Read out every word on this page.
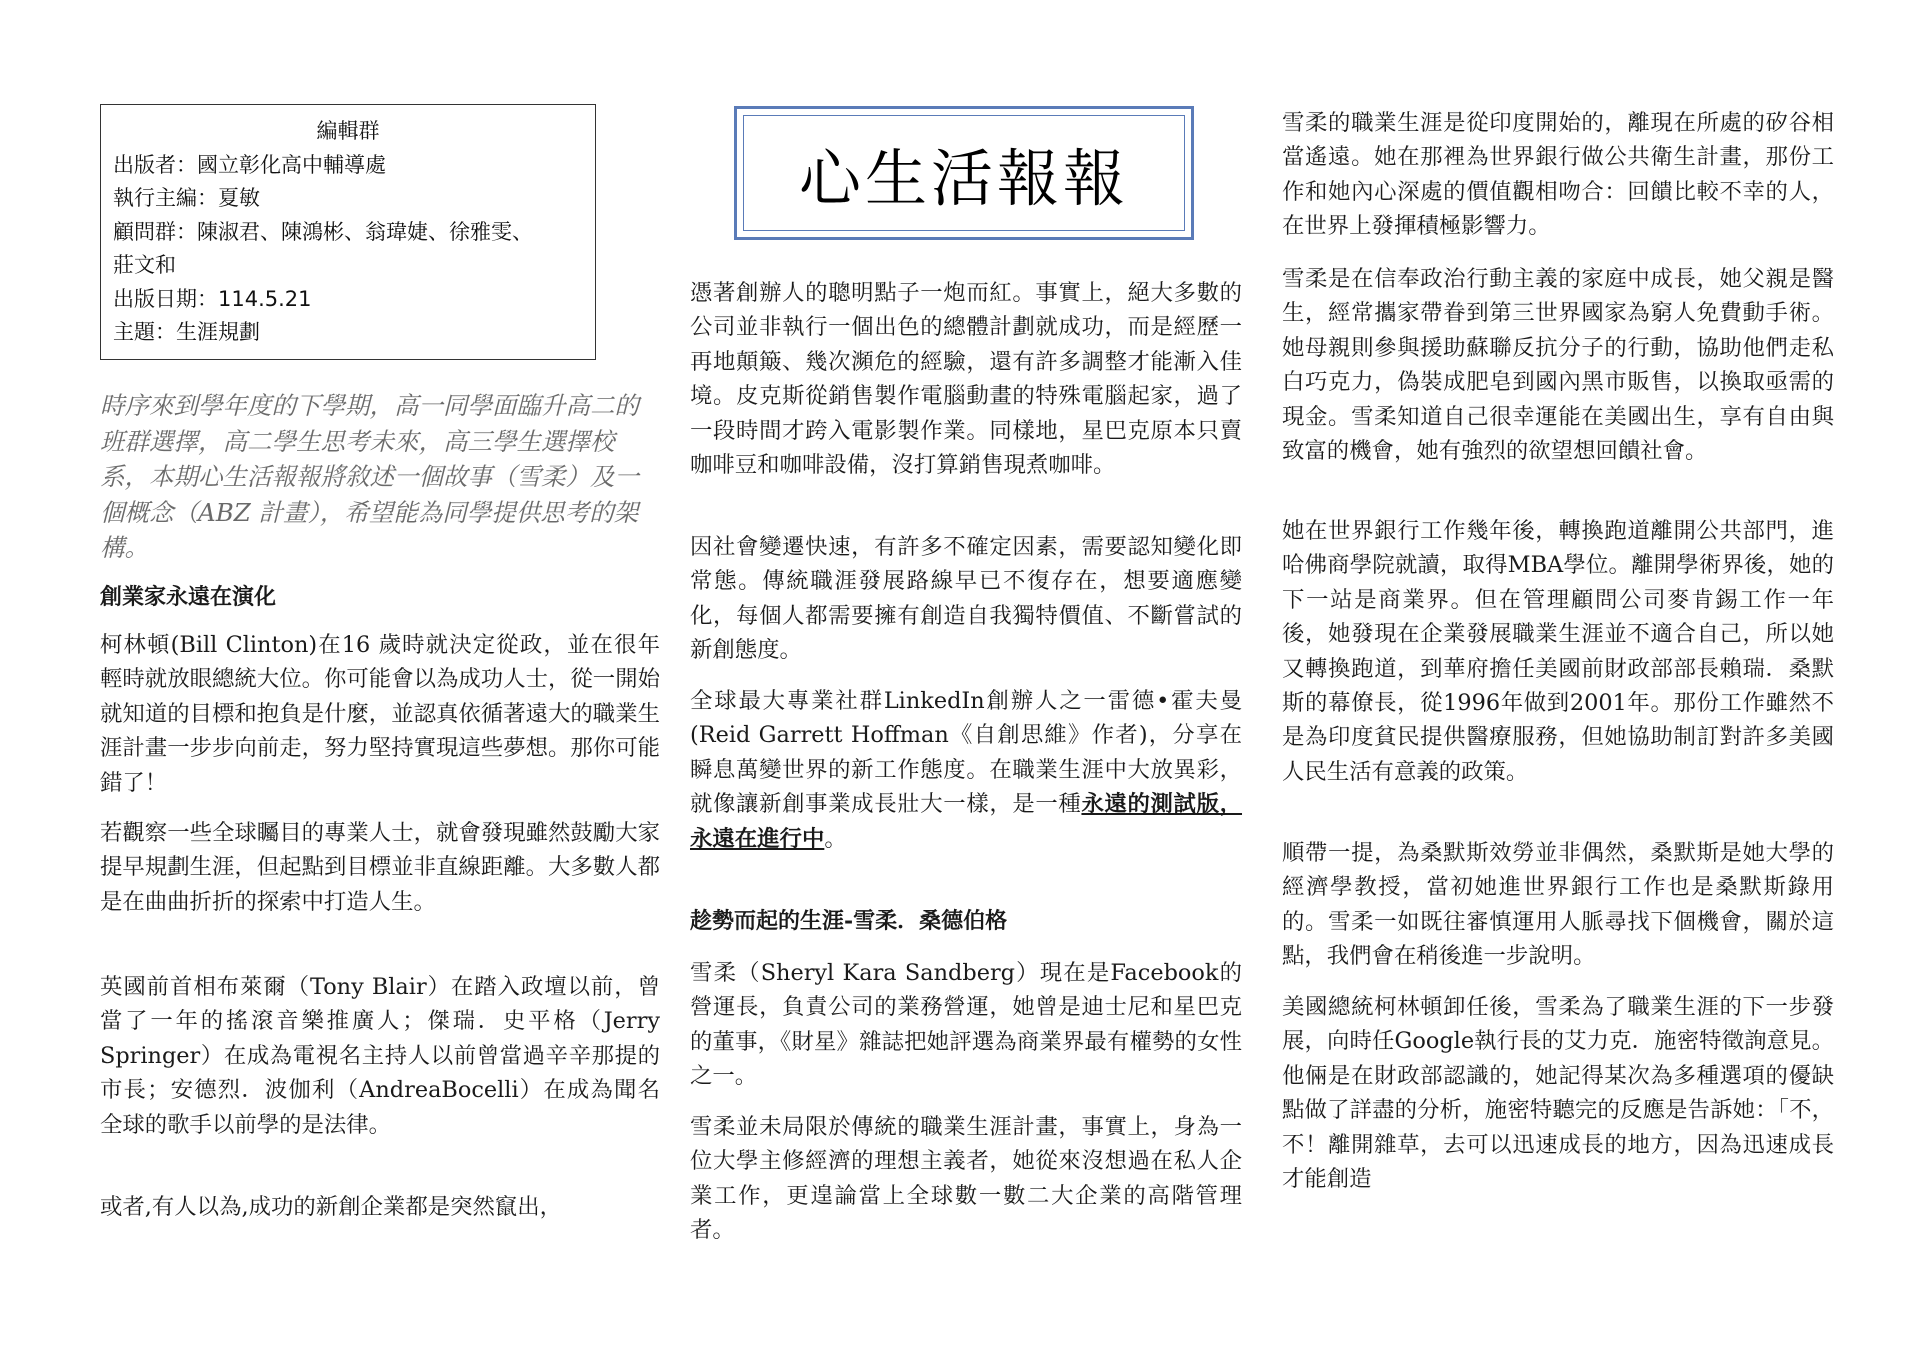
編輯群
出版者：國立彰化高中輔導處
執行主編：夏敏
顧問群：陳淑君、陳鴻彬、翁瑋婕、徐雅雯、
莊文和
出版日期：114.5.21
主題：生涯規劃

時序來到學年度的下學期，高一同學面臨升高二的班群選擇，高二學生思考未來，高三學生選擇校系，本期心生活報報將敘述一個故事（雪柔）及一個概念（ABZ 計畫），希望能為同學提供思考的架構。

創業家永遠在演化

柯林頓(Bill Clinton)在16 歲時就決定從政，並在很年輕時就放眼總統大位。你可能會以為成功人士，從一開始就知道的目標和抱負是什麼，並認真依循著遠大的職業生涯計畫一步步向前走，努力堅持實現這些夢想。那你可能錯了！

若觀察一些全球矚目的專業人士，就會發現雖然鼓勵大家提早規劃生涯，但起點到目標並非直線距離。大多數人都是在曲曲折折的探索中打造人生。

英國前首相布萊爾（Tony Blair）在踏入政壇以前，曾當了一年的搖滾音樂推廣人；傑瑞．史平格（Jerry Springer）在成為電視名主持人以前曾當過辛辛那提的市長；安德烈．波伽利（AndreaBocelli）在成為聞名全球的歌手以前學的是法律。

或者,有人以為,成功的新創企業都是突然竄出，

心生活報報

憑著創辦人的聰明點子一炮而紅。事實上，絕大多數的公司並非執行一個出色的總體計劃就成功，而是經歷一再地顛簸、幾次瀕危的經驗，還有許多調整才能漸入佳境。皮克斯從銷售製作電腦動畫的特殊電腦起家，過了一段時間才跨入電影製作業。同樣地，星巴克原本只賣咖啡豆和咖啡設備，沒打算銷售現煮咖啡。

因社會變遷快速，有許多不確定因素，需要認知變化即常態。傳統職涯發展路線早已不復存在，想要適應變化，每個人都需要擁有創造自我獨特價值、不斷嘗試的新創態度。

全球最大專業社群LinkedIn創辦人之一雷德•霍夫曼(Reid Garrett Hoffman《自創思維》作者)，分享在瞬息萬變世界的新工作態度。在職業生涯中大放異彩，就像讓新創事業成長壯大一樣，是一種永遠的測試版，永遠在進行中。

趁勢而起的生涯-雪柔．桑德伯格

雪柔（Sheryl Kara Sandberg）現在是Facebook的營運長，負責公司的業務營運，她曾是迪士尼和星巴克的董事，《財星》雜誌把她評選為商業界最有權勢的女性之一。

雪柔並未局限於傳統的職業生涯計畫，事實上，身為一位大學主修經濟的理想主義者，她從來沒想過在私人企業工作，更遑論當上全球數一數二大企業的高階管理者。

雪柔的職業生涯是從印度開始的，離現在所處的矽谷相當遙遠。她在那裡為世界銀行做公共衛生計畫，那份工作和她內心深處的價值觀相吻合：回饋比較不幸的人，在世界上發揮積極影響力。

雪柔是在信奉政治行動主義的家庭中成長，她父親是醫生，經常攜家帶眷到第三世界國家為窮人免費動手術。她母親則參與援助蘇聯反抗分子的行動，協助他們走私白巧克力，偽裝成肥皂到國內黑市販售，以換取亟需的現金。雪柔知道自己很幸運能在美國出生，享有自由與致富的機會，她有強烈的欲望想回饋社會。

她在世界銀行工作幾年後，轉換跑道離開公共部門，進哈佛商學院就讀，取得MBA學位。離開學術界後，她的下一站是商業界。但在管理顧問公司麥肯錫工作一年後，她發現在企業發展職業生涯並不適合自己，所以她又轉換跑道，到華府擔任美國前財政部部長賴瑞．桑默斯的幕僚長，從1996年做到2001年。那份工作雖然不是為印度貧民提供醫療服務，但她協助制訂對許多美國人民生活有意義的政策。

順帶一提，為桑默斯效勞並非偶然，桑默斯是她大學的經濟學教授，當初她進世界銀行工作也是桑默斯錄用的。雪柔一如既往審慎運用人脈尋找下個機會，關於這點，我們會在稍後進一步說明。

美國總統柯林頓卸任後，雪柔為了職業生涯的下一步發展，向時任Google執行長的艾力克．施密特徵詢意見。他倆是在財政部認識的，她記得某次為多種選項的優缺點做了詳盡的分析，施密特聽完的反應是告訴她：「不，不！離開雜草，去可以迅速成長的地方，因為迅速成長才能創造
